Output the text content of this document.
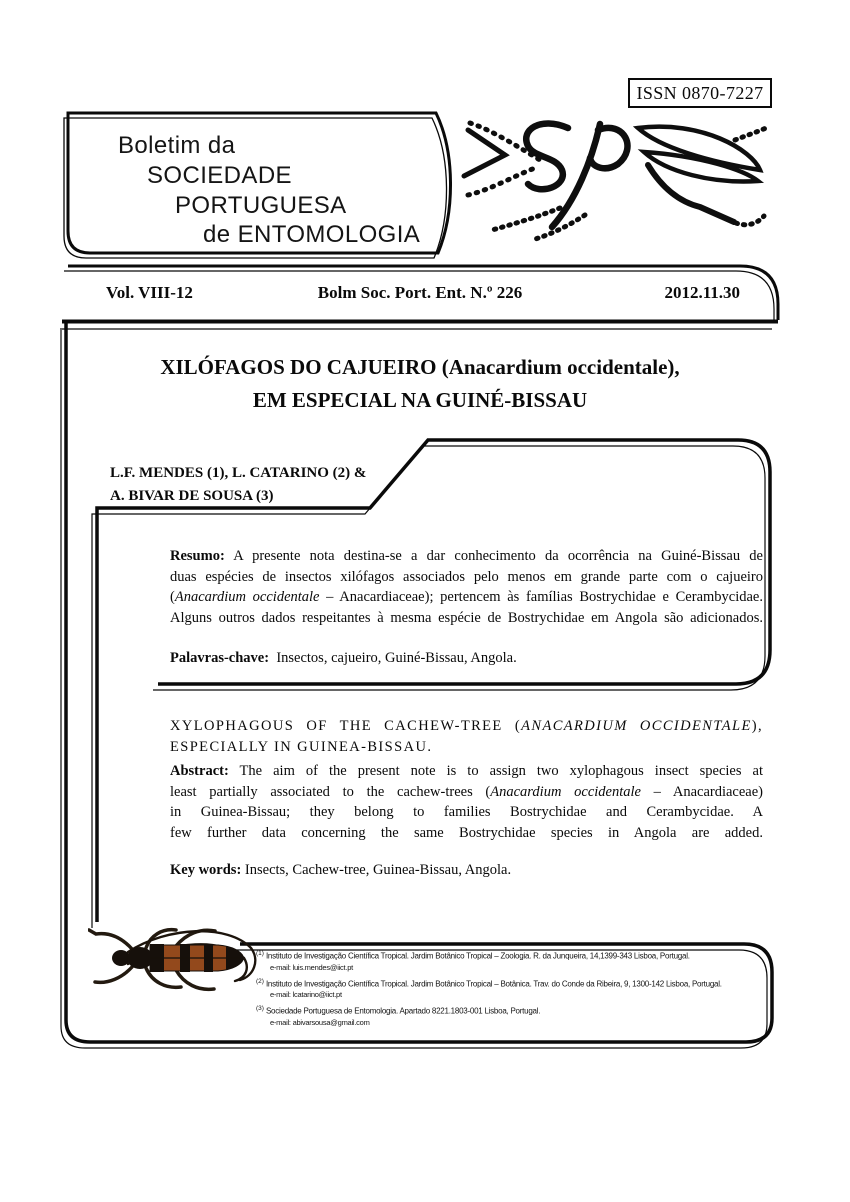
ISSN 0870-7227
Boletim da
SOCIEDADE
PORTUGUESA
de ENTOMOLOGIA
Vol. VIII-12	Bolm Soc. Port. Ent. N.º 226	2012.11.30
XILÓFAGOS DO CAJUEIRO (Anacardium occidentale),
EM ESPECIAL NA GUINÉ-BISSAU
L.F. MENDES (1), L. CATARINO (2) &
A. BIVAR DE SOUSA (3)
Resumo: A presente nota destina-se a dar conhecimento da ocorrência na Guiné-Bissau de
duas espécies de insectos xilófagos associados pelo menos em grande parte com o cajueiro
(Anacardium occidentale – Anacardiaceae); pertencem às famílias Bostrychidae e Cerambycidae.
Alguns outros dados respeitantes à mesma espécie de Bostrychidae em Angola são adicionados.
Palavras-chave:  Insectos, cajueiro, Guiné-Bissau, Angola.
XYLOPHAGOUS OF THE CACHEW-TREE (ANACARDIUM OCCIDENTALE),
ESPECIALLY IN GUINEA-BISSAU.
Abstract: The aim of the present note is to assign two xylophagous insect species at
least partially associated to the cachew-trees (Anacardium occidentale – Anacardiaceae)
in Guinea-Bissau; they belong to families Bostrychidae and Cerambycidae. A
few further data concerning the same Bostrychidae species in Angola are added.
Key words: Insects, Cachew-tree, Guinea-Bissau, Angola.
$^{(1)}$ Instituto de Investigação Científica Tropical. Jardim Botânico Tropical – Zoologia. R. da Junqueira, 14,1399-343 Lisboa, Portugal.
e-mail: luis.mendes@iict.pt
$^{(2)}$ Instituto de Investigação Científica Tropical. Jardim Botânico Tropical – Botânica. Trav. do Conde da Ribeira, 9, 1300-142 Lisboa, Portugal.
e-mail: lcatarino@iict.pt
$^{(3)}$ Sociedade Portuguesa de Entomologia. Apartado 8221.1803-001 Lisboa, Portugal.
e-mail: abivarsousa@gmail.com
